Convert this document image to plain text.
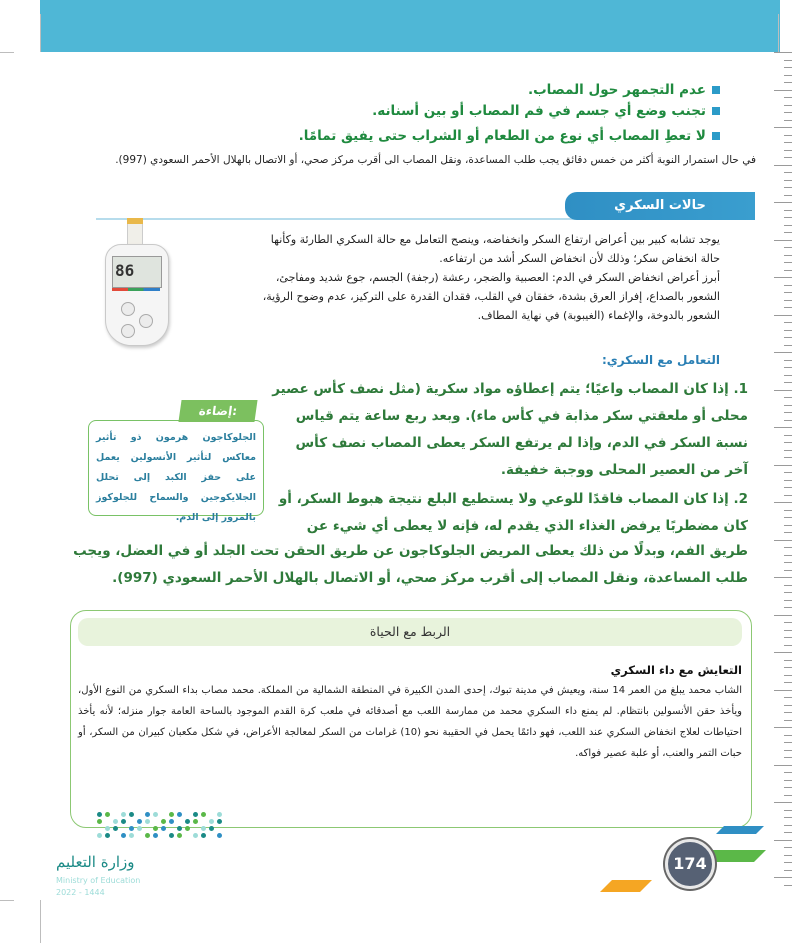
عدم التجمهر حول المصاب.
تجنب وضع أي جسم في فم المصاب أو بين أسنانه.
لا تعطِ المصاب أي نوع من الطعام أو الشراب حتى يفيق تمامًا.
في حال استمرار النوبة أكثر من خمس دقائق يجب طلب المساعدة، ونقل المصاب الى أقرب مركز صحي، أو الاتصال بالهلال الأحمر السعودي (997).
حالات السكري
يوجد تشابه كبير بين أعراض ارتفاع السكر وانخفاضه، وينصح التعامل مع حالة السكري الطارئة وكأنها
حالة انخفاض سكر؛ وذلك لأن انخفاض السكر أشد من ارتفاعه.
أبرز أعراض انخفاض السكر في الدم: العصبية والضجر، رعشة (رجفة) الجسم، جوع شديد ومفاجئ،
الشعور بالصداع، إفراز العرق بشدة، خفقان في القلب، فقدان القدرة على التركيز، عدم وضوح الرؤية،
الشعور بالدوخة، والإغماء (الغيبوبة) في نهاية المطاف.
86
التعامل مع السكري:
1. إذا كان المصاب واعيًا؛ يتم إعطاؤه مواد سكرية (مثل نصف كأس عصير
محلى أو ملعقتي سكر مذابة في كأس ماء). وبعد ربع ساعة يتم قياس
نسبة السكر في الدم، وإذا لم يرتفع السكر يعطى المصاب نصف كأس
آخر من العصير المحلى ووجبة خفيفة.
2. إذا كان المصاب فاقدًا للوعي ولا يستطيع البلع نتيجة هبوط السكر، أو
كان مضطربًا يرفض الغذاء الذي يقدم له، فإنه لا يعطى أي شيء عن
طريق الفم، وبدلًا من ذلك يعطى المريض الجلوكاجون عن طريق الحقن تحت الجلد أو في العضل، ويجب
طلب المساعدة، ونقل المصاب إلى أقرب مركز صحي، أو الاتصال بالهلال الأحمر السعودي (997).
إضاءة:
الجلوكاجون هرمون ذو تأثير معاكس لتأثير الأنسولين يعمل على حفز الكبد إلى تحلل الجلايكوجين والسماح للجلوكوز بالمرور إلى الدم.
الربط مع الحياة
التعايش مع داء السكري
الشاب محمد يبلغ من العمر 14 سنة، ويعيش في مدينة تبوك، إحدى المدن الكبيرة في المنطقة الشمالية من المملكة. محمد مصاب بداء السكري من النوع الأول، ويأخذ حقن الأنسولين بانتظام. لم يمنع داء السكري محمد من ممارسة اللعب مع أصدقائه في ملعب كرة القدم الموجود بالساحة العامة جوار منزله؛ لأنه يأخذ احتياطات لعلاج انخفاض السكري عند اللعب، فهو دائمًا يحمل في الحقيبة نحو (10) غرامات من السكر لمعالجة الأعراض، في شكل مكعبان كبيران من السكر، أو حبات التمر والعنب، أو علبة عصير فواكه.
وزارة التعليم
Ministry of Education
2022 - 1444
174
